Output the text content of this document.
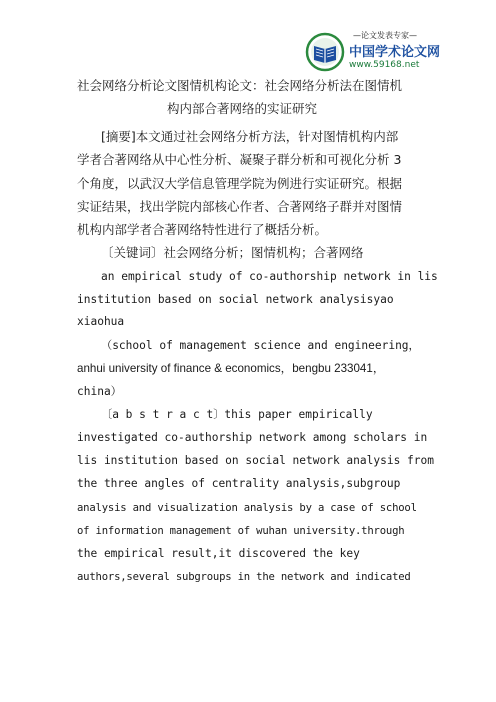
—论文发表专家—
中国学术论文网
www.59168.net
社会网络分析论文图情机构论文：社会网络分析法在图情机
构内部合著网络的实证研究
[摘要]本文通过社会网络分析方法，针对图情机构内部
学者合著网络从中心性分析、凝聚子群分析和可视化分析 3
个角度，以武汉大学信息管理学院为例进行实证研究。根据
实证结果，找出学院内部核心作者、合著网络子群并对图情
机构内部学者合著网络特性进行了概括分析。
〔关键词〕社会网络分析；图情机构；合著网络
an empirical study of co-authorship network in lis
institution based on social network analysisyao
xiaohua
（school of management science and engineering，
anhui university of finance & economics，bengbu 233041，
china）
〔a b s t r a c t〕this paper empirically
investigated co-authorship network among scholars in
lis institution based on social network analysis from
the three angles of centrality analysis,subgroup
analysis and visualization analysis by a case of school
of information management of wuhan university.through
the empirical result,it discovered the key
authors,several subgroups in the network and indicated
